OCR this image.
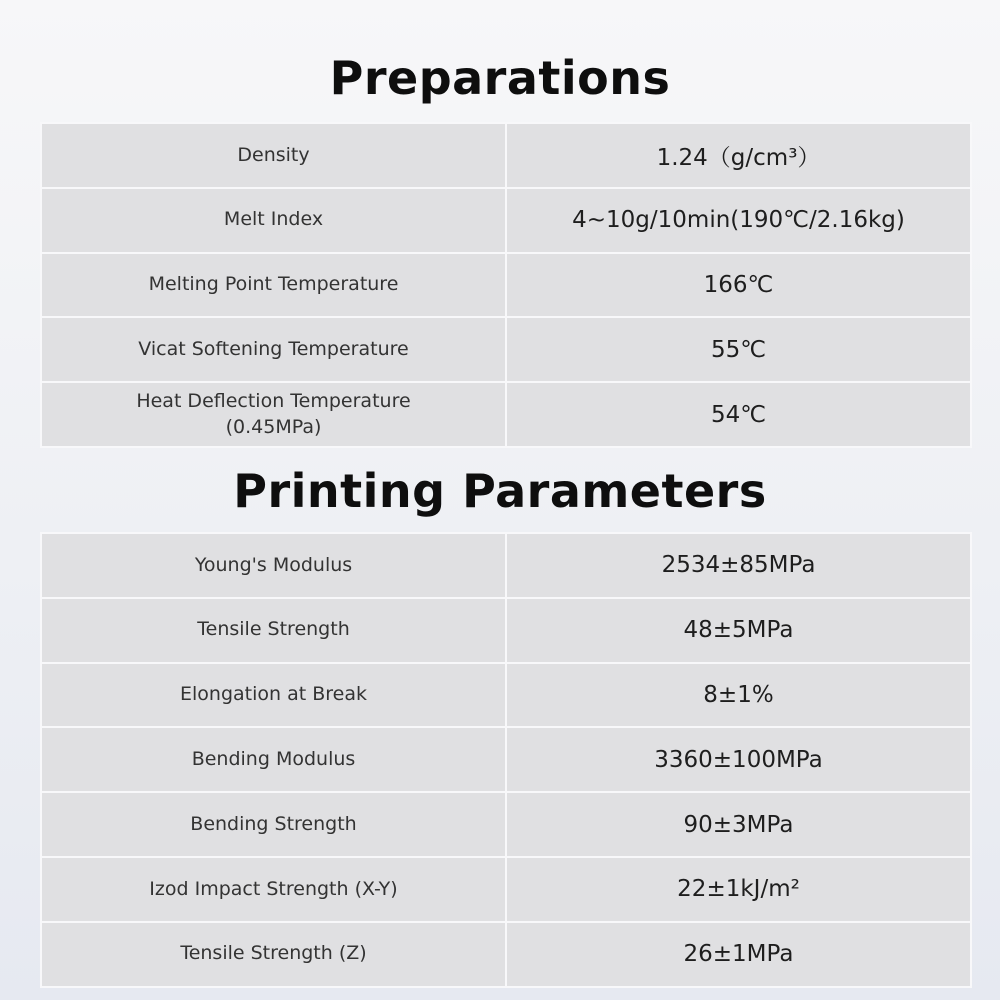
Preparations
Density	1.24（g/cm³）
Melt Index	4~10g/10min(190℃/2.16kg)
Melting Point Temperature	166℃
Vicat Softening Temperature	55℃

Heat Deflection Temperature
(0.45MPa)	54℃
Printing Parameters
Young's Modulus	2534±85MPa
Tensile Strength	48±5MPa
Elongation at Break	8±1%
Bending Modulus	3360±100MPa
Bending Strength	90±3MPa
Izod Impact Strength (X-Y)	22±1kJ/m²
Tensile Strength (Z)	26±1MPa
